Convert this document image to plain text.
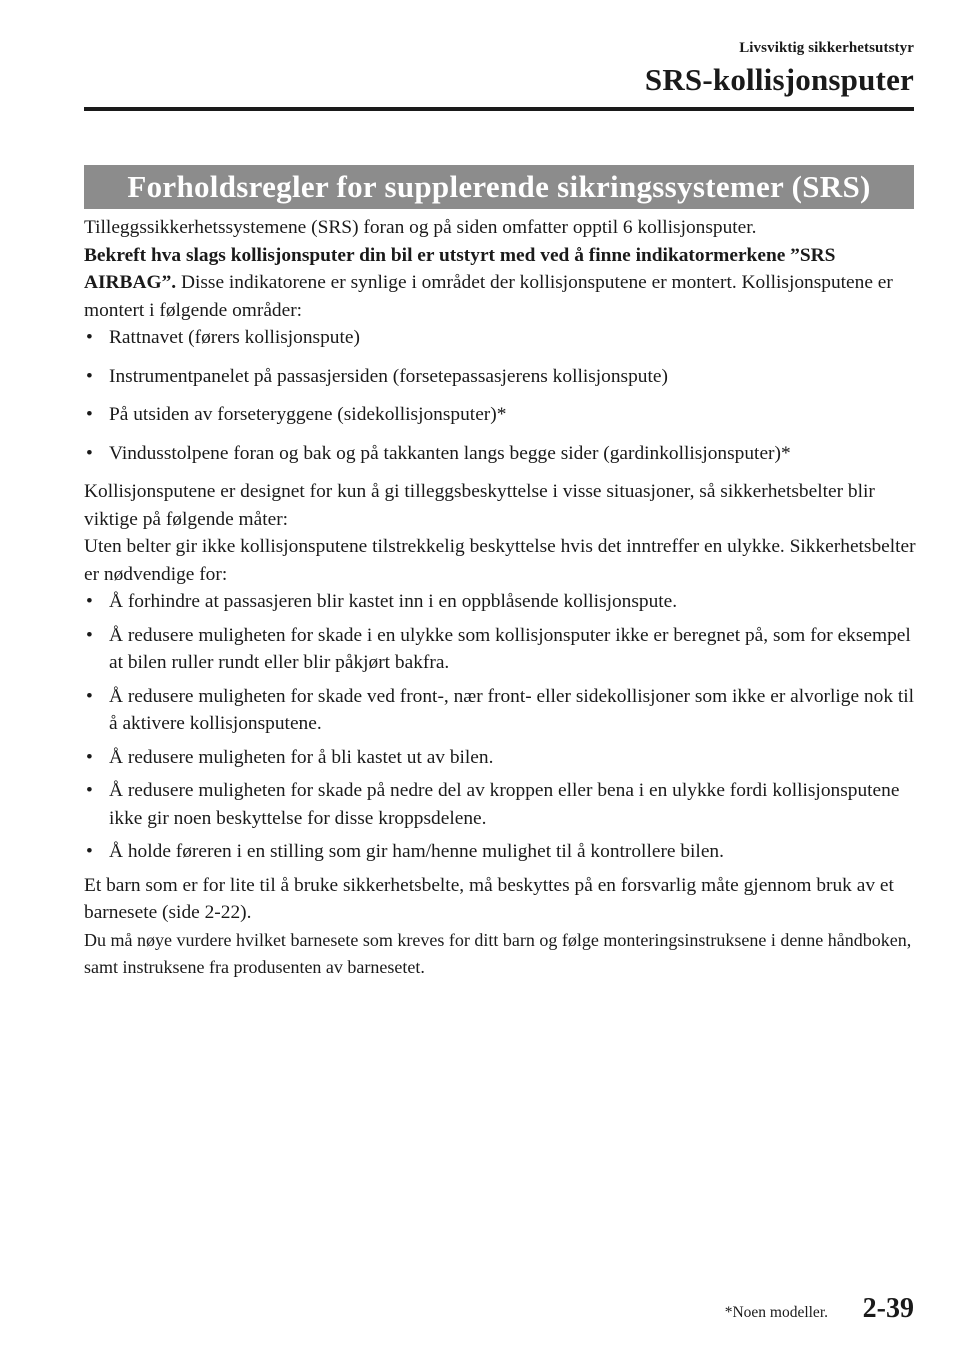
Livsviktig sikkerhetsutstyr
SRS-kollisjonsputer
Forholdsregler for supplerende sikringssystemer (SRS)

Tilleggssikkerhetssystemene (SRS) foran og på siden omfatter opptil 6 kollisjonsputer.
Bekreft hva slags kollisjonsputer din bil er utstyrt med ved å finne indikatormerkene ”SRS AIRBAG”. Disse indikatorene er synlige i området der kollisjonsputene er montert. Kollisjonsputene er montert i følgende områder:

• Rattnavet (førers kollisjonspute)
• Instrumentpanelet på passasjersiden (forsetepassasjerens kollisjonspute)
• På utsiden av forseteryggene (sidekollisjonsputer)*
• Vindusstolpene foran og bak og på takkanten langs begge sider (gardinkollisjonsputer)*

Kollisjonsputene er designet for kun å gi tilleggsbeskyttelse i visse situasjoner, så sikkerhetsbelter blir viktige på følgende måter:

Uten belter gir ikke kollisjonsputene tilstrekkelig beskyttelse hvis det inntreffer en ulykke. Sikkerhetsbelter er nødvendige for:

• Å forhindre at passasjeren blir kastet inn i en oppblåsende kollisjonspute.
• Å redusere muligheten for skade i en ulykke som kollisjonsputer ikke er beregnet på, som for eksempel at bilen ruller rundt eller blir påkjørt bakfra.
• Å redusere muligheten for skade ved front-, nær front- eller sidekollisjoner som ikke er alvorlige nok til å aktivere kollisjonsputene.
• Å redusere muligheten for å bli kastet ut av bilen.
• Å redusere muligheten for skade på nedre del av kroppen eller bena i en ulykke fordi kollisjonsputene ikke gir noen beskyttelse for disse kroppsdelene.
• Å holde føreren i en stilling som gir ham/henne mulighet til å kontrollere bilen.

Et barn som er for lite til å bruke sikkerhetsbelte, må beskyttes på en forsvarlig måte gjennom bruk av et barnesete (side 2-22).

Du må nøye vurdere hvilket barnesete som kreves for ditt barn og følge monteringsinstruksene i denne håndboken, samt instruksene fra produsenten av barnesetet.

*Noen modeller. 2-39
